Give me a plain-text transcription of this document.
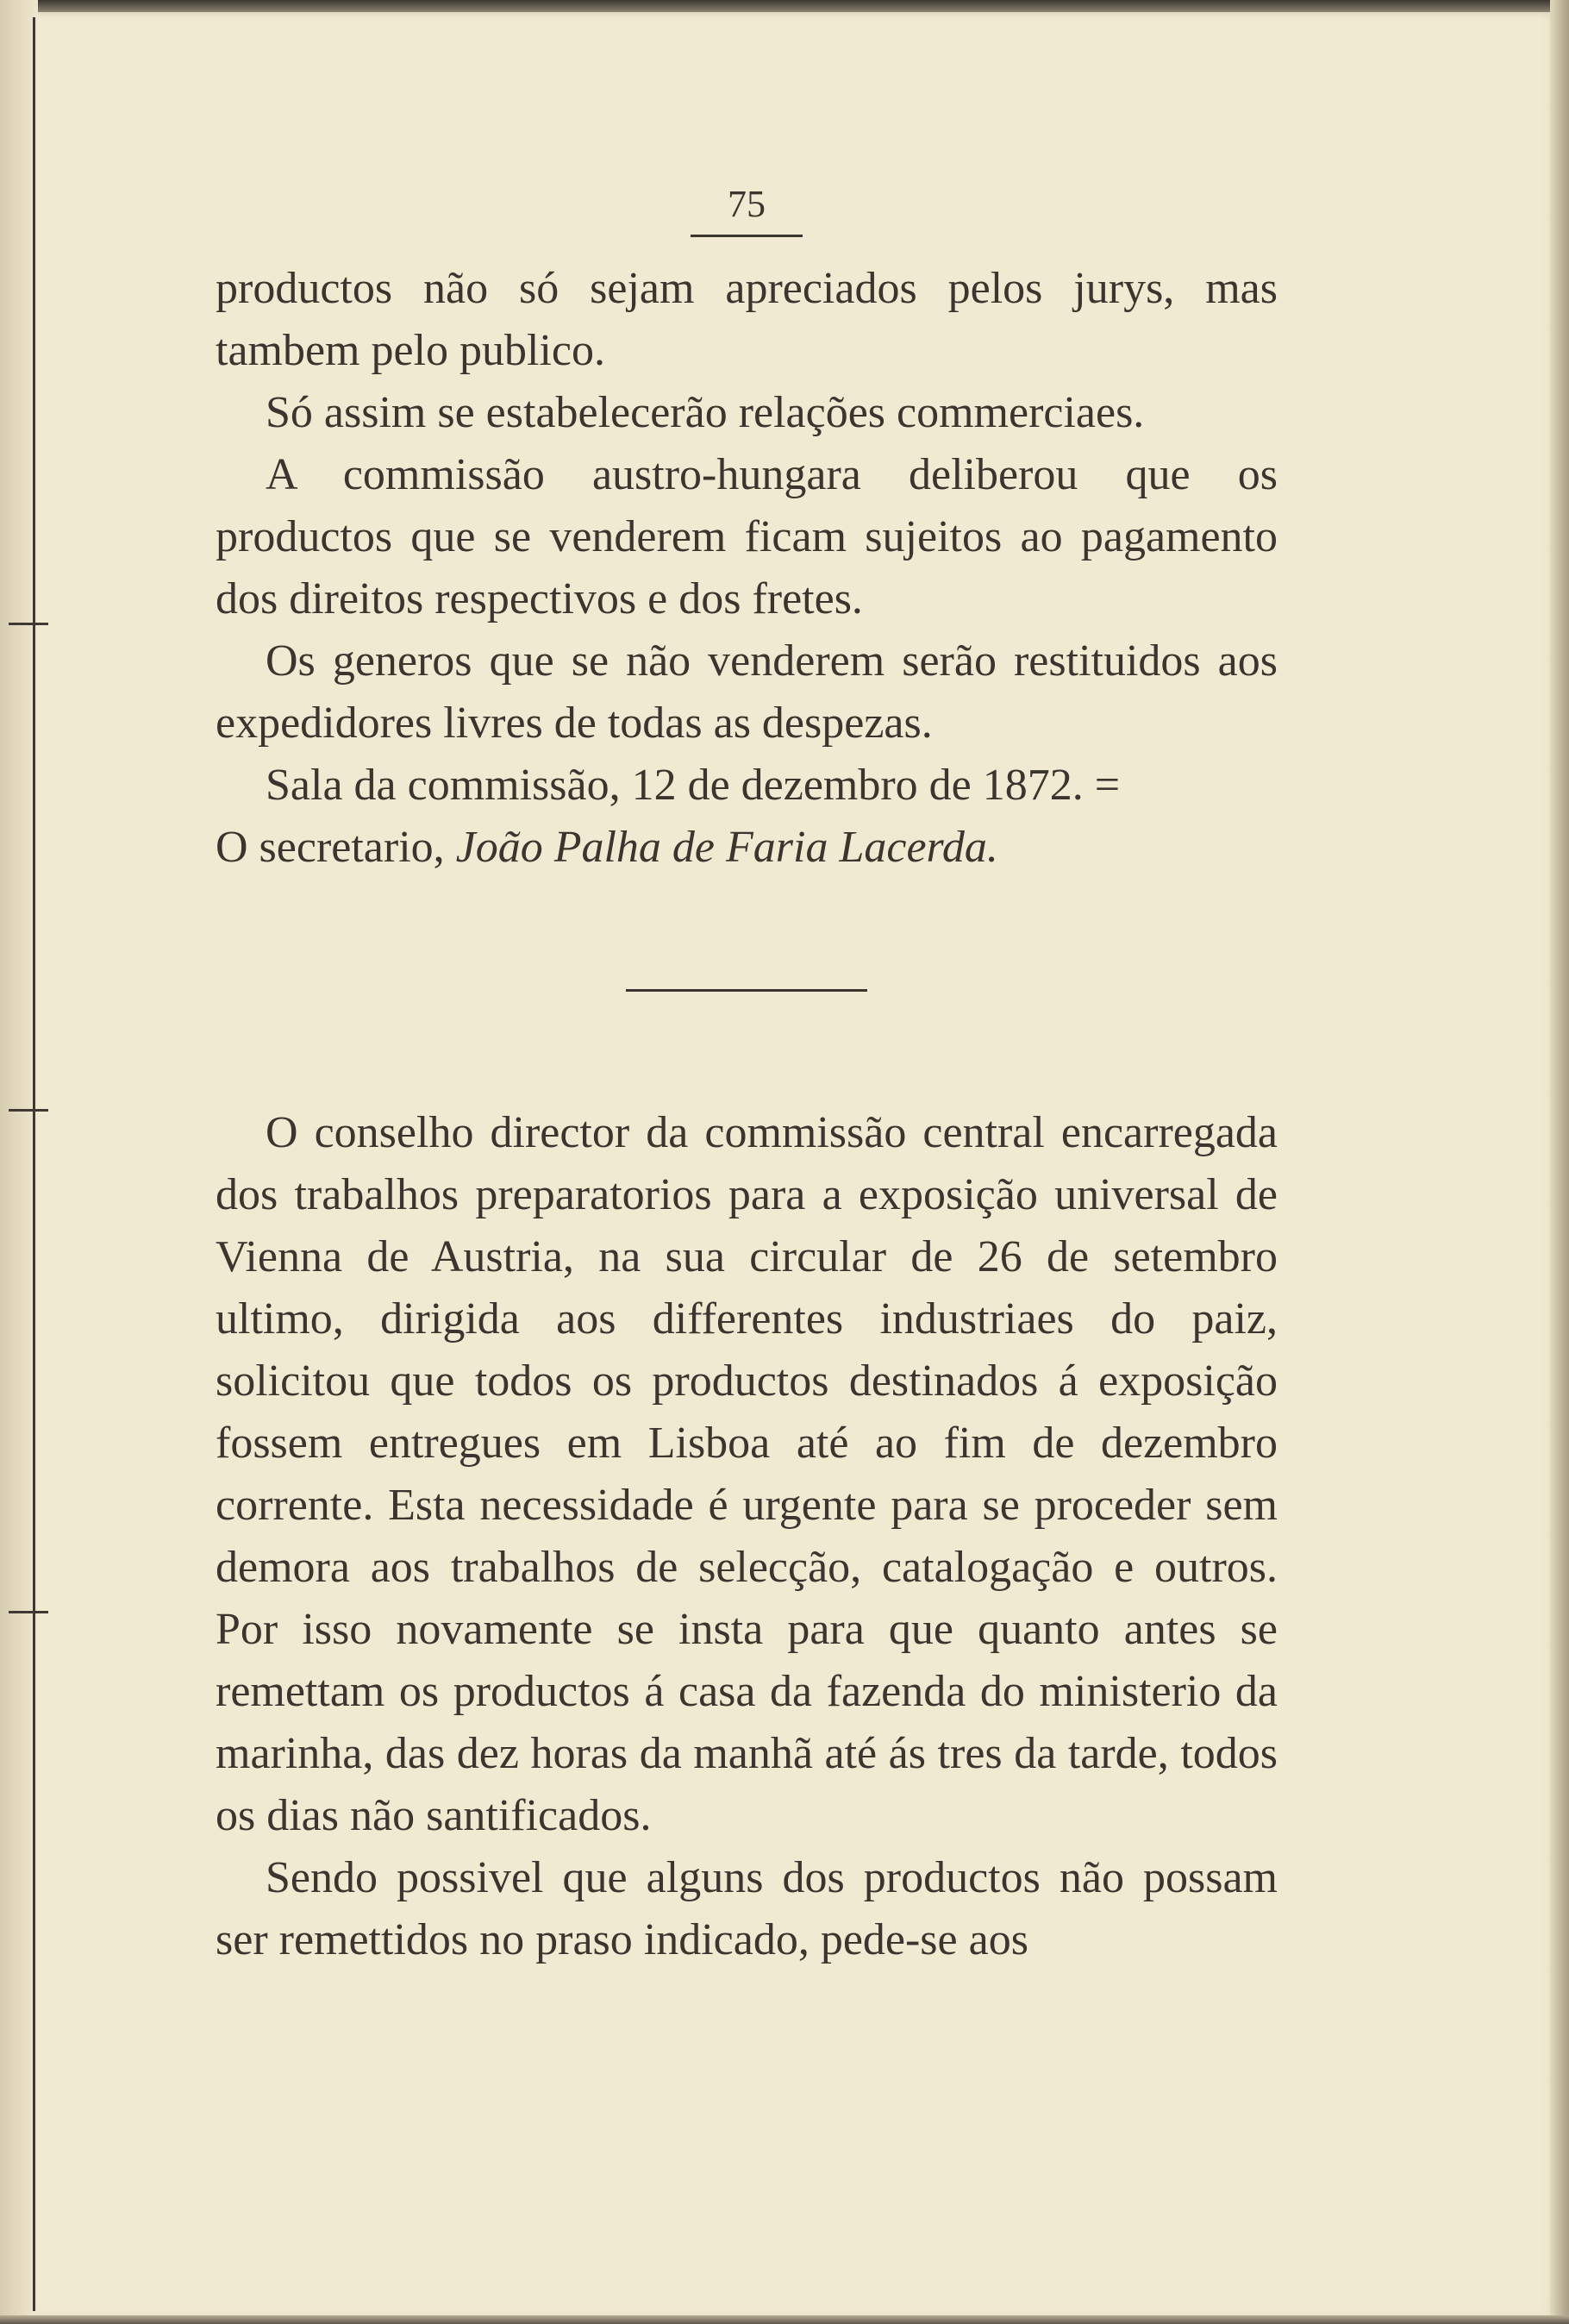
75

productos não só sejam apreciados pelos jurys, mas tambem pelo publico.

Só assim se estabelecerão relações commerciaes.

A commissão austro-hungara deliberou que os productos que se venderem ficam sujeitos ao pagamento dos direitos respectivos e dos fretes.

Os generos que se não venderem serão restituidos aos expedidores livres de todas as despezas.

Sala da commissão, 12 de dezembro de 1872. =

O secretario, João Palha de Faria Lacerda.

O conselho director da commissão central encarregada dos trabalhos preparatorios para a exposição universal de Vienna de Austria, na sua circular de 26 de setembro ultimo, dirigida aos differentes industriaes do paiz, solicitou que todos os productos destinados á exposição fossem entregues em Lisboa até ao fim de dezembro corrente. Esta necessidade é urgente para se proceder sem demora aos trabalhos de selecção, catalogação e outros. Por isso novamente se insta para que quanto antes se remettam os productos á casa da fazenda do ministerio da marinha, das dez horas da manhã até ás tres da tarde, todos os dias não santificados.

Sendo possivel que alguns dos productos não possam ser remettidos no praso indicado, pede-se aos
